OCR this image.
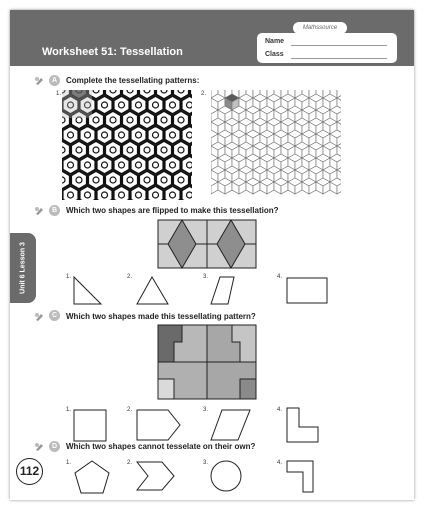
Worksheet 51: Tessellation
Mathssource
Name
Class
Unit 6 Lesson 3
A	Complete the tessellating patterns:
1.	2.
B	Which two shapes are flipped to make this tessellation?
1.	2.	3.	4.
C	Which two shapes made this tessellating pattern?
1.	2.	3.	4.
D	Which two shapes cannot tesselate on their own?
1.	2.	3.	4.
112
